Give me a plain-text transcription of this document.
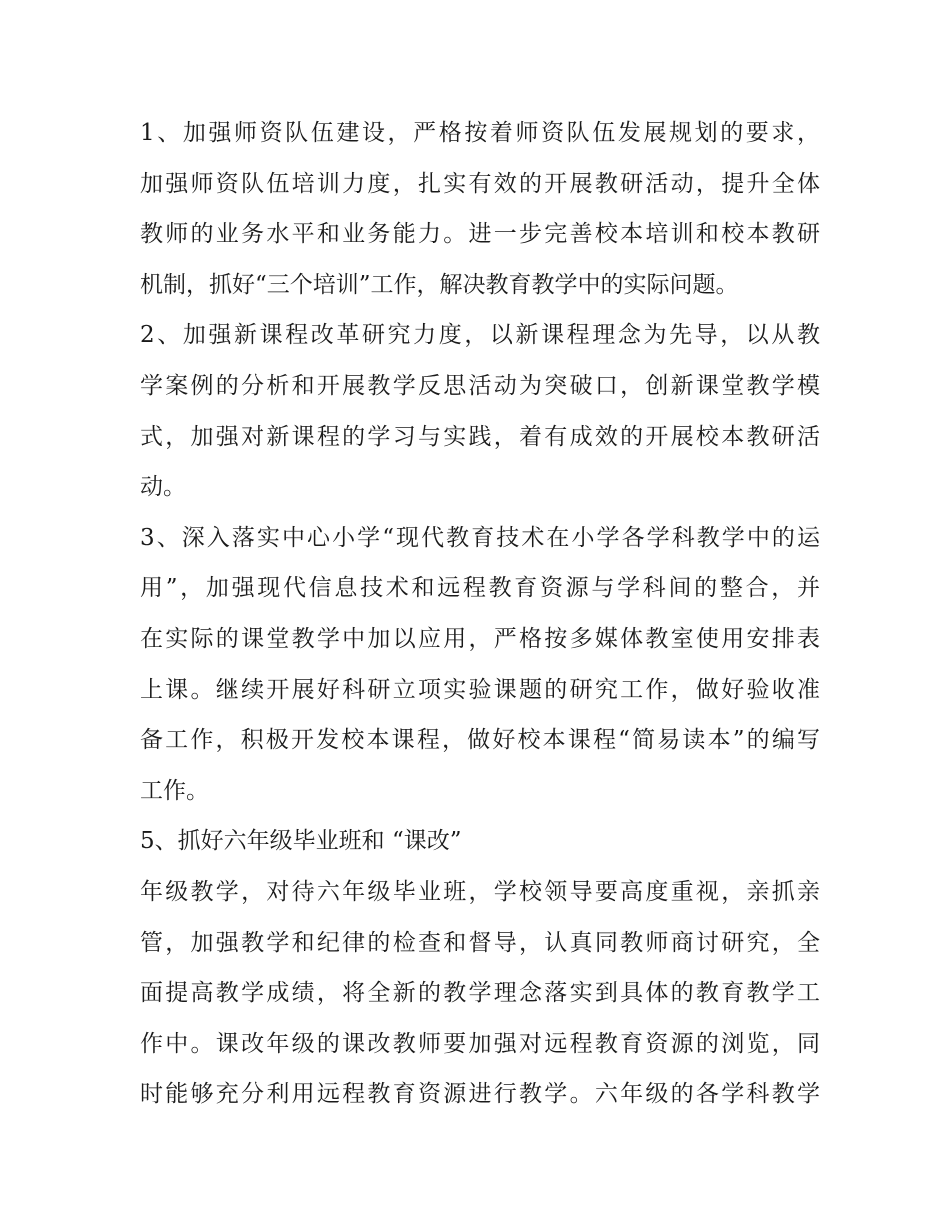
1、加强师资队伍建设，严格按着师资队伍发展规划的要求，
加强师资队伍培训力度，扎实有效的开展教研活动，提升全体
教师的业务水平和业务能力。进一步完善校本培训和校本教研
机制，抓好“三个培训”工作，解决教育教学中的实际问题。
2、加强新课程改革研究力度，以新课程理念为先导，以从教
学案例的分析和开展教学反思活动为突破口，创新课堂教学模
式，加强对新课程的学习与实践，着有成效的开展校本教研活
动。
3、深入落实中心小学“现代教育技术在小学各学科教学中的运
用”，加强现代信息技术和远程教育资源与学科间的整合，并
在实际的课堂教学中加以应用，严格按多媒体教室使用安排表
上课。继续开展好科研立项实验课题的研究工作，做好验收准
备工作，积极开发校本课程，做好校本课程“简易读本”的编写
工作。
5、抓好六年级毕业班和 “课改”
年级教学，对待六年级毕业班，学校领导要高度重视，亲抓亲
管，加强教学和纪律的检查和督导，认真同教师商讨研究，全
面提高教学成绩，将全新的教学理念落实到具体的教育教学工
作中。课改年级的课改教师要加强对远程教育资源的浏览，同
时能够充分利用远程教育资源进行教学。六年级的各学科教学
